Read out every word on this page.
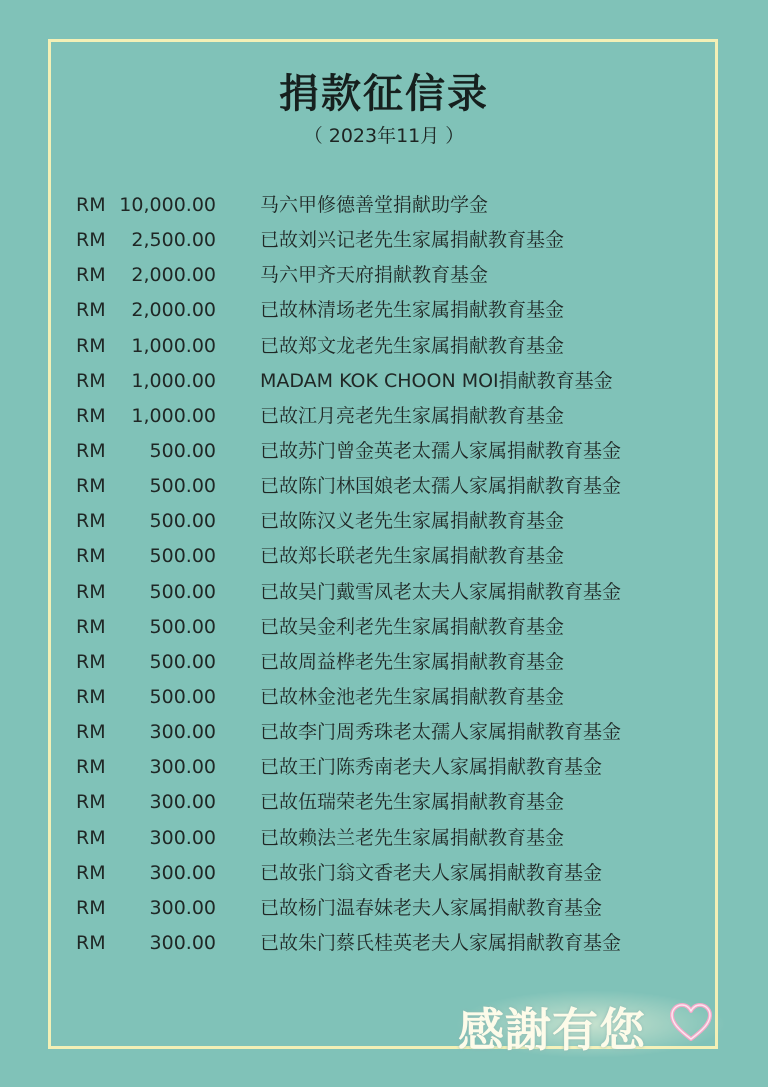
捐款征信录
（ 2023年11月 ）
RM 10,000.00 马六甲修德善堂捐献助学金
RM	2,500.00 已故刘兴记老先生家属捐献教育基金
RM	2,000.00 马六甲齐天府捐献教育基金
RM	2,000.00 已故林清场老先生家属捐献教育基金
RM	1,000.00 已故郑文龙老先生家属捐献教育基金
RM	1,000.00 MADAM KOK CHOON MOI捐献教育基金
RM	1,000.00 已故江月亮老先生家属捐献教育基金
RM	500.00 已故苏门曾金英老太孺人家属捐献教育基金
RM	500.00 已故陈门林国娘老太孺人家属捐献教育基金
RM	500.00 已故陈汉义老先生家属捐献教育基金
RM	500.00 已故郑长联老先生家属捐献教育基金
RM	500.00 已故吴门戴雪凤老太夫人家属捐献教育基金
RM	500.00 已故吴金利老先生家属捐献教育基金
RM	500.00 已故周益桦老先生家属捐献教育基金
RM	500.00 已故林金池老先生家属捐献教育基金
RM	300.00 已故李门周秀珠老太孺人家属捐献教育基金
RM	300.00 已故王门陈秀南老夫人家属捐献教育基金
RM	300.00 已故伍瑞荣老先生家属捐献教育基金
RM	300.00 已故赖法兰老先生家属捐献教育基金
RM	300.00 已故张门翁文香老夫人家属捐献教育基金
RM	300.00 已故杨门温春妹老夫人家属捐献教育基金
RM	300.00 已故朱门蔡氏桂英老夫人家属捐献教育基金
感謝有您
